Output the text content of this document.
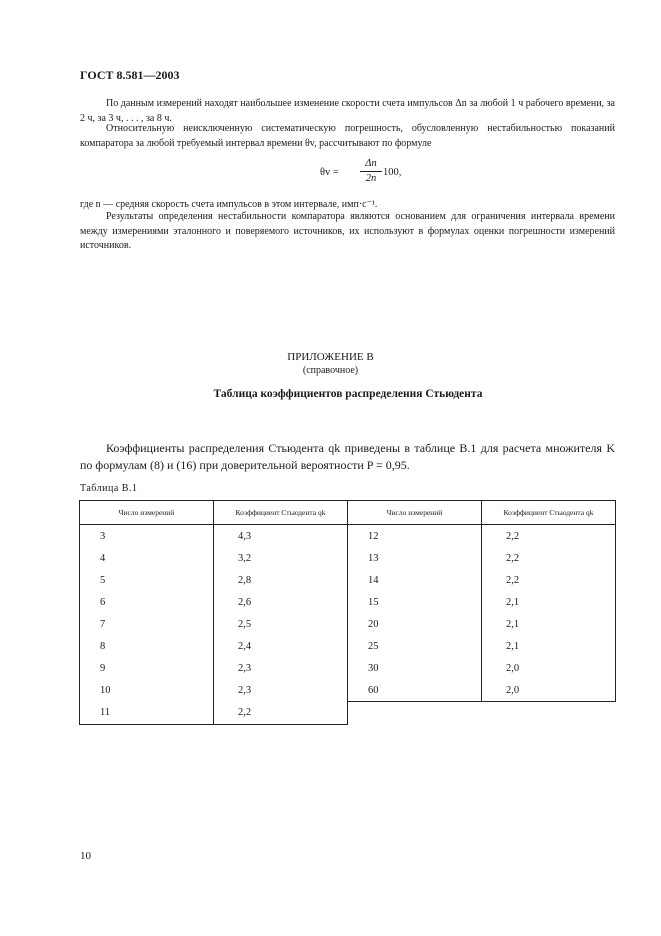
ГОСТ 8.581—2003

По данным измерений находят наибольшее изменение скорости счета импульсов Δn за любой 1 ч рабочего времени, за 2 ч, за 3 ч, . . . , за 8 ч.

Относительную неисключенную систематическую погрешность, обусловленную нестабильностью показаний компаратора за любой требуемый интервал времени θv, рассчитывают по формуле

θv =
Δn
2n
100,

где n — средняя скорость счета импульсов в этом интервале, имп·с⁻¹.

Результаты определения нестабильности компаратора являются основанием для ограничения интервала времени между измерениями эталонного и поверяемого источников, их используют в формулах оценки погрешности измерений источников.

ПРИЛОЖЕНИЕ В
(справочное)
Таблица коэффициентов распределения Стьюдента

Коэффициенты распределения Стьюдента qk приведены в таблице В.1 для расчета множителя K по формулам (8) и (16) при доверительной вероятности P = 0,95.

Таблица В.1
Число измерений	Коэффициент Стьюдента qk	Число измерений	Коэффициент Стьюдента qk
3	4,3	12	2,2
4	3,2	13	2,2
5	2,8	14	2,2
6	2,6	15	2,1
7	2,5	20	2,1
8	2,4	25	2,1
9	2,3	30	2,0
10	2,3	60	2,0
11	2,2		
10
